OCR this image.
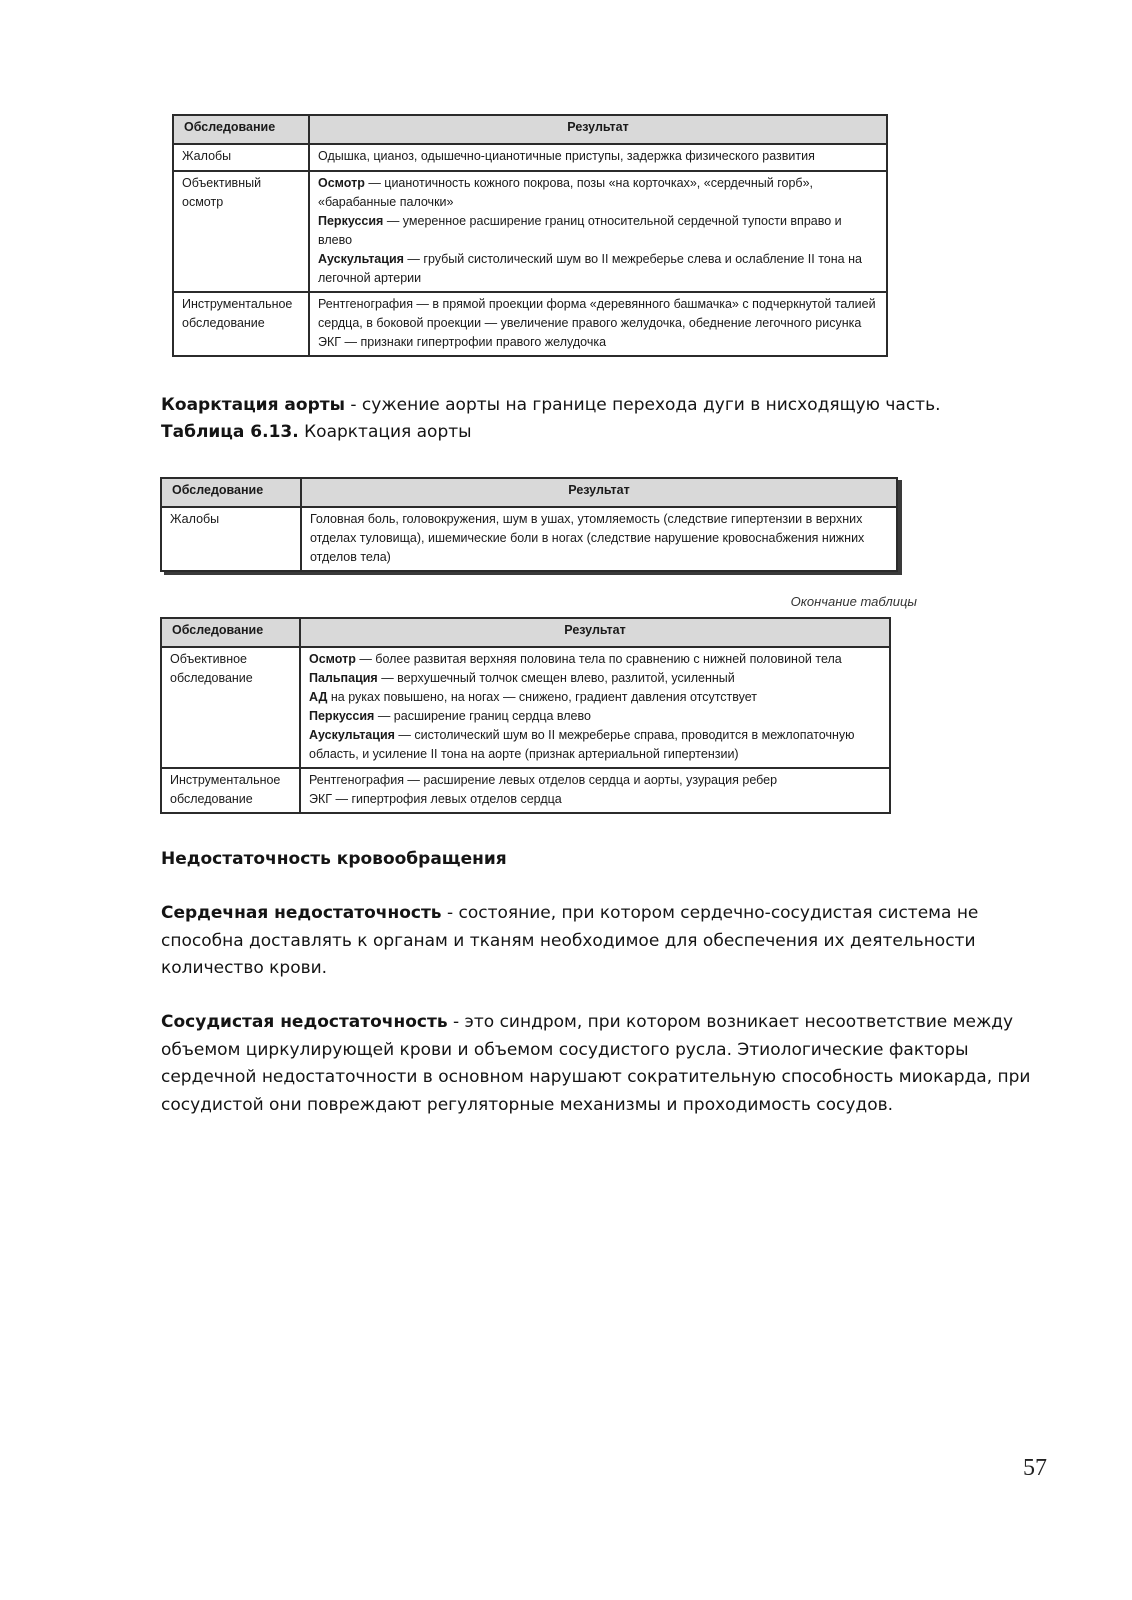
Обследование	Результат
Жалобы	Одышка, цианоз, одышечно-цианотичные приступы, задержка физического развития

Объективный осмотр	Осмотр — цианотичность кожного покрова, позы «на корточках», «сердечный горб», «барабанные палочки»
Перкуссия — умеренное расширение границ относительной сердечной тупости вправо и влево
Аускультация — грубый систолический шум во II межреберье слева и ослабление II тона на легочной артерии

Инструментальное обследование	Рентгенография — в прямой проекции форма «деревянного башмачка» с подчеркнутой талией сердца, в боковой проекции — увеличение правого желудочка, обеднение легочного рисунка
ЭКГ — признаки гипертрофии правого желудочка
Коарктация аорты - сужение аорты на границе перехода дуги в нисходящую часть.
Таблица 6.13. Коарктация аорты
Обследование	Результат
Жалобы	Головная боль, головокружения, шум в ушах, утомляемость (следствие гипертензии в верхних отделах туловища), ишемические боли в ногах (следствие нарушение кровоснабжения нижних отделов тела)
Окончание таблицы
Обследование	Результат
Объективное обследование	Осмотр — более развитая верхняя половина тела по сравнению с нижней половиной тела
Пальпация — верхушечный толчок смещен влево, разлитой, усиленный
АД на руках повышено, на ногах — снижено, градиент давления отсутствует
Перкуссия — расширение границ сердца влево
Аускультация — систолический шум во II межреберье справа, проводится в межлопаточную область, и усиление II тона на аорте (признак артериальной гипертензии)

Инструментальное обследование	Рентгенография — расширение левых отделов сердца и аорты, узурация ребер
ЭКГ — гипертрофия левых отделов сердца
Недостаточность кровообращения
Сердечная недостаточность - состояние, при котором сердечно-сосудистая система не способна доставлять к органам и тканям необходимое для обеспечения их деятельности количество крови.
Сосудистая недостаточность - это синдром, при котором возникает несоответствие между объемом циркулирующей крови и объемом сосудистого русла. Этиологические факторы сердечной недостаточности в основном нарушают сократительную способность миокарда, при сосудистой они повреждают регуляторные механизмы и проходимость сосудов.
57
